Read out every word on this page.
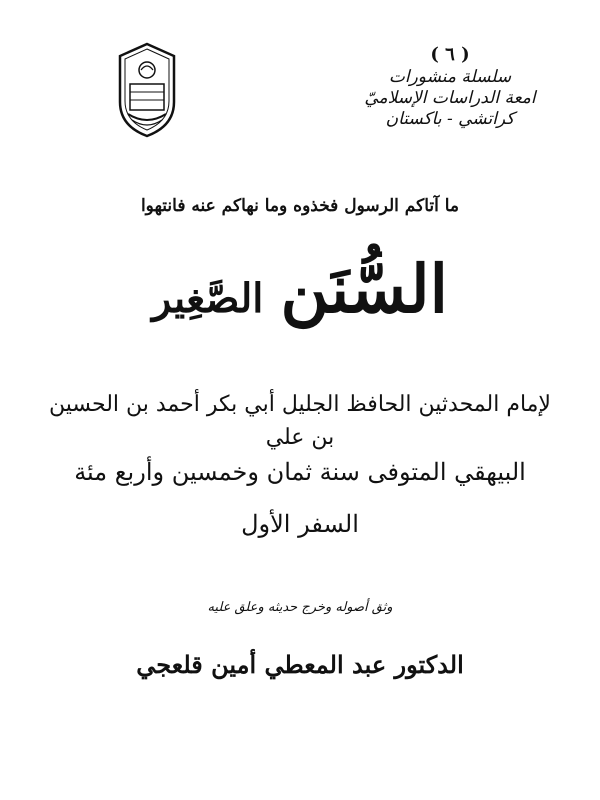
( ٦ )
سلسلة منشورات
امعة الدراسات الإسلاميّ
كراتشي - باكستان
ما آتاكم الرسول فخذوه وما نهاكم عنه فانتهوا
السُّنَن الصَّغِير
لإمام المحدثين الحافظ الجليل أبي بكر أحمد بن الحسين بن علي
البيهقي المتوفى سنة ثمان وخمسين وأربع مئة
السفر الأول
وثق أصوله وخرج حديثه وعلق عليه
الدكتور عبد المعطي أمين قلعجي
